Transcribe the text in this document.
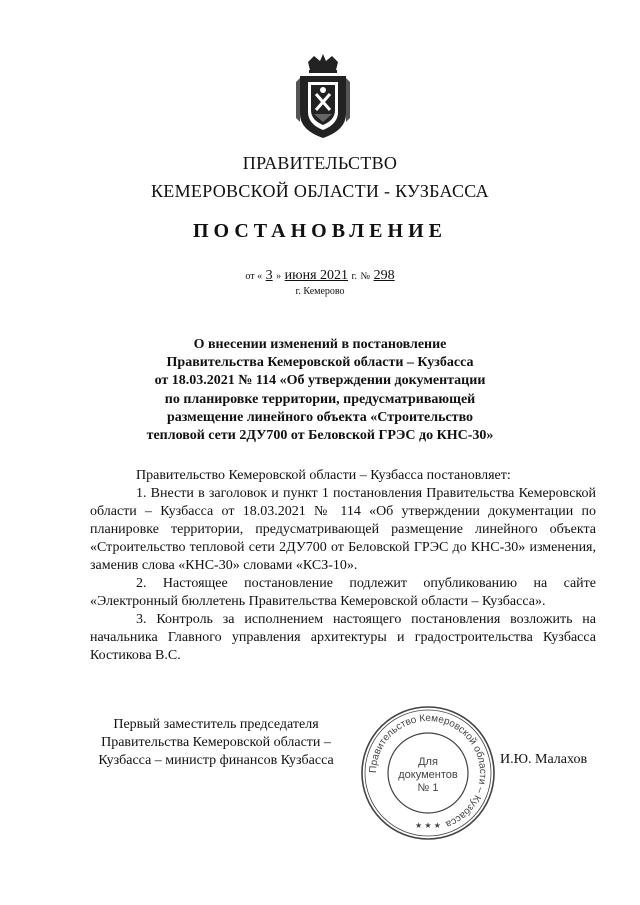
ПРАВИТЕЛЬСТВО
КЕМЕРОВСКОЙ ОБЛАСТИ - КУЗБАССА
ПОСТАНОВЛЕНИЕ
от « 3 » июня 2021 г. № 298
г. Кемерово
О внесении изменений в постановление
Правительства Кемеровской области – Кузбасса
от 18.03.2021 № 114 «Об утверждении документации
по планировке территории, предусматривающей
размещение линейного объекта «Строительство
тепловой сети 2ДУ700 от Беловской ГРЭС до КНС-30»

Правительство Кемеровской области – Кузбасса постановляет:

1. Внести в заголовок и пункт 1 постановления Правительства Кемеровской области – Кузбасса от 18.03.2021 № 114 «Об утверждении документации по планировке территории, предусматривающей размещение линейного объекта «Строительство тепловой сети 2ДУ700 от Беловской ГРЭС до КНС-30» изменения, заменив слова «КНС-30» словами «КСЗ-10».

2. Настоящее постановление подлежит опубликованию на сайте «Электронный бюллетень Правительства Кемеровской области – Кузбасса».

3. Контроль за исполнением настоящего постановления возложить на начальника Главного управления архитектуры и градостроительства Кузбасса Костикова В.С.

Первый заместитель председателя
Правительства Кемеровской области –
Кузбасса – министр финансов Кузбасса
Правительство Кемеровской области – Кузбасса
Для
документов
№ 1
★ ★ ★
И.Ю. Малахов
